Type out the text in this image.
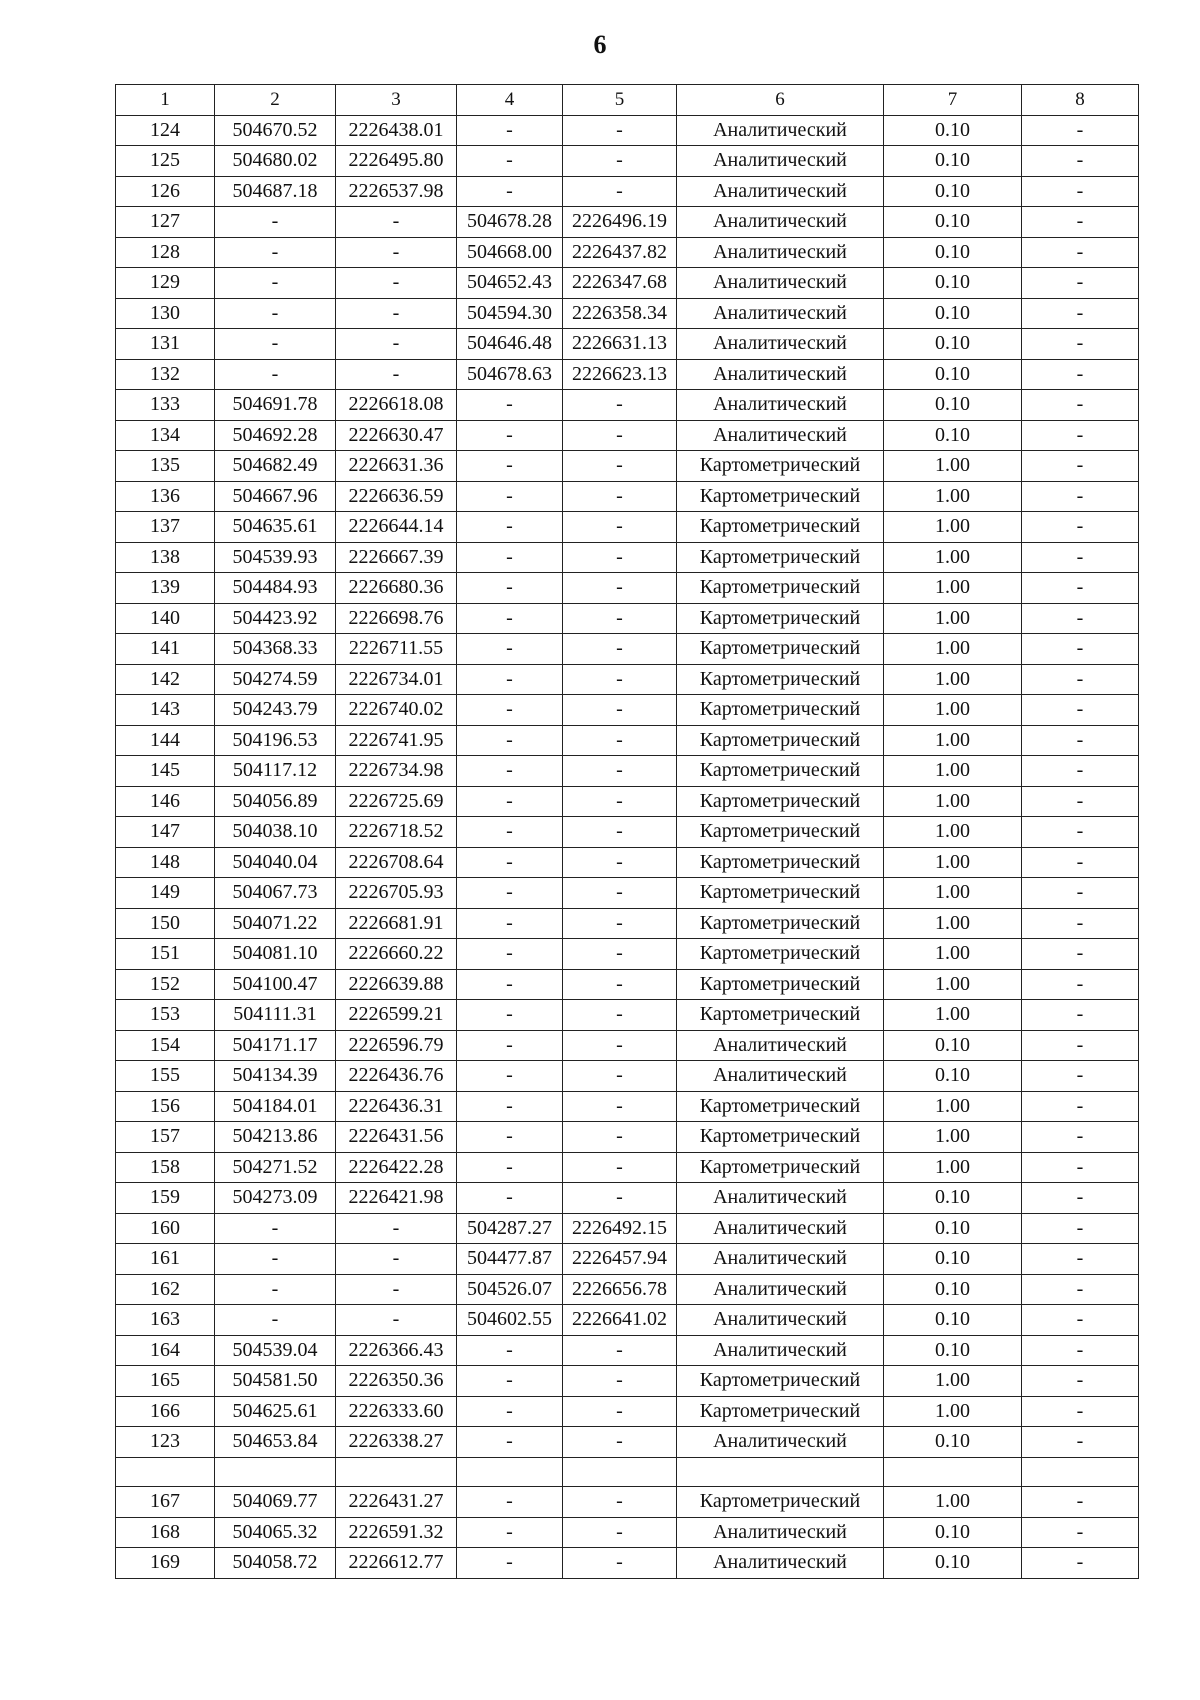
6
1	2	3	4	5	6	7	8
124	504670.52	2226438.01	-	-	Аналитический	0.10	-
125	504680.02	2226495.80	-	-	Аналитический	0.10	-
126	504687.18	2226537.98	-	-	Аналитический	0.10	-
127	-	-	504678.28	2226496.19	Аналитический	0.10	-
128	-	-	504668.00	2226437.82	Аналитический	0.10	-
129	-	-	504652.43	2226347.68	Аналитический	0.10	-
130	-	-	504594.30	2226358.34	Аналитический	0.10	-
131	-	-	504646.48	2226631.13	Аналитический	0.10	-
132	-	-	504678.63	2226623.13	Аналитический	0.10	-
133	504691.78	2226618.08	-	-	Аналитический	0.10	-
134	504692.28	2226630.47	-	-	Аналитический	0.10	-
135	504682.49	2226631.36	-	-	Картометрический	1.00	-
136	504667.96	2226636.59	-	-	Картометрический	1.00	-
137	504635.61	2226644.14	-	-	Картометрический	1.00	-
138	504539.93	2226667.39	-	-	Картометрический	1.00	-
139	504484.93	2226680.36	-	-	Картометрический	1.00	-
140	504423.92	2226698.76	-	-	Картометрический	1.00	-
141	504368.33	2226711.55	-	-	Картометрический	1.00	-
142	504274.59	2226734.01	-	-	Картометрический	1.00	-
143	504243.79	2226740.02	-	-	Картометрический	1.00	-
144	504196.53	2226741.95	-	-	Картометрический	1.00	-
145	504117.12	2226734.98	-	-	Картометрический	1.00	-
146	504056.89	2226725.69	-	-	Картометрический	1.00	-
147	504038.10	2226718.52	-	-	Картометрический	1.00	-
148	504040.04	2226708.64	-	-	Картометрический	1.00	-
149	504067.73	2226705.93	-	-	Картометрический	1.00	-
150	504071.22	2226681.91	-	-	Картометрический	1.00	-
151	504081.10	2226660.22	-	-	Картометрический	1.00	-
152	504100.47	2226639.88	-	-	Картометрический	1.00	-
153	504111.31	2226599.21	-	-	Картометрический	1.00	-
154	504171.17	2226596.79	-	-	Аналитический	0.10	-
155	504134.39	2226436.76	-	-	Аналитический	0.10	-
156	504184.01	2226436.31	-	-	Картометрический	1.00	-
157	504213.86	2226431.56	-	-	Картометрический	1.00	-
158	504271.52	2226422.28	-	-	Картометрический	1.00	-
159	504273.09	2226421.98	-	-	Аналитический	0.10	-
160	-	-	504287.27	2226492.15	Аналитический	0.10	-
161	-	-	504477.87	2226457.94	Аналитический	0.10	-
162	-	-	504526.07	2226656.78	Аналитический	0.10	-
163	-	-	504602.55	2226641.02	Аналитический	0.10	-
164	504539.04	2226366.43	-	-	Аналитический	0.10	-
165	504581.50	2226350.36	-	-	Картометрический	1.00	-
166	504625.61	2226333.60	-	-	Картометрический	1.00	-
123	504653.84	2226338.27	-	-	Аналитический	0.10	-

167	504069.77	2226431.27	-	-	Картометрический	1.00	-
168	504065.32	2226591.32	-	-	Аналитический	0.10	-
169	504058.72	2226612.77	-	-	Аналитический	0.10	-
